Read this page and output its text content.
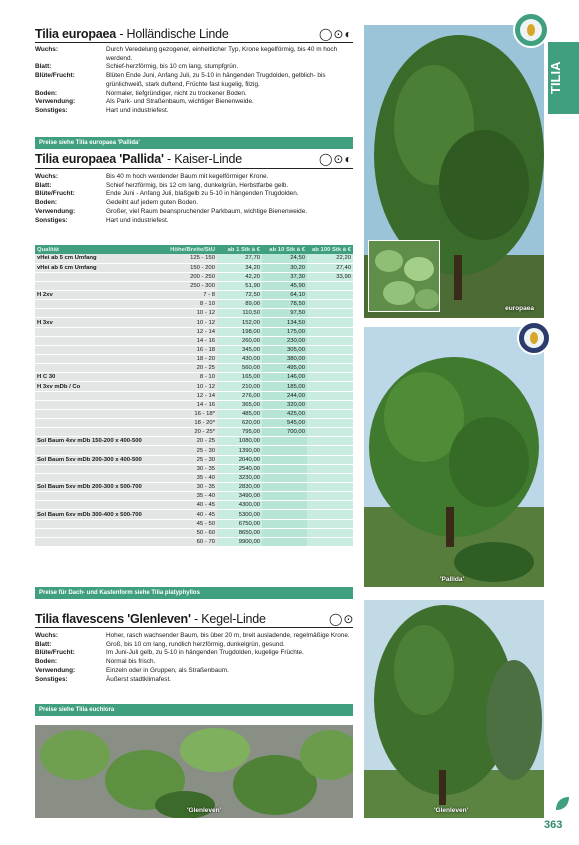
Tilia europaea - Holländische Linde	◯⊙◐
Wuchs:	Durch Veredelung gezogener, einheitlicher Typ, Krone kegelförmig, bis 40 m hoch werdend.
Blatt:	Schief-herzförmig, bis 10 cm lang, stumpfgrün.
Blüte/Frucht:	Blüten Ende Juni, Anfang Juli, zu 5-10 in hängenden Trugdolden, gelblich- bis grünlichweiß, stark duftend, Früchte fast kugelig, filzig.
Boden:	Normaler, tiefgründiger, nicht zu trockener Boden.
Verwendung:	Als Park- und Straßenbaum, wichtiger Bienenweide.
Sonstiges:	Hart und industriefest.
Preise siehe Tilia europaea 'Pallida'
Tilia europaea 'Pallida' - Kaiser-Linde	◯⊙◐
Wuchs:	Bis 40 m hoch werdender Baum mit kegelförmiger Krone.
Blatt:	Schief herzförmig, bis 12 cm lang, dunkelgrün, Herbstfarbe gelb.
Blüte/Frucht:	Ende Juni - Anfang Juli, blaßgelb zu 5-10 in hängenden Trugdolden.
Boden:	Gedeiht auf jedem guten Boden.
Verwendung:	Großer, viel Raum beanspruchender Parkbaum, wichtige Bienenweide.
Sonstiges:	Hart und industriefest.
Qualität	Höhe/Breite/StU	ab 1 Stk à €	ab 10 Stk à €	ab 100 Stk à €
vHei ab 5 cm Umfang	125 - 150	27,70	24,50	22,20
vHei ab 6 cm Umfang	150 - 200	34,20	30,20	27,40
	200 - 250	42,20	37,30	33,90
	250 - 300	51,90	45,90	
H 2xv	7 - 8	72,50	64,10	
	8 - 10	89,00	78,50	
	10 - 12	110,50	97,50	
H 3xv	10 - 12	152,00	134,50	
	12 - 14	198,00	175,00	
	14 - 16	260,00	230,00	
	16 - 18	345,00	305,00	
	18 - 20	430,00	380,00	
	20 - 25	560,00	495,00	
H C 30	8 - 10	165,00	146,00	
H 3xv mDb / Co	10 - 12	210,00	185,00	
	12 - 14	276,00	244,00	
	14 - 16	365,00	320,00	
	16 - 18*	485,00	425,00	
	18 - 20*	620,00	545,00	
	20 - 25*	795,00	700,00	
Sol Baum 4xv mDb 150-200 x 400-500	20 - 25	1080,00		
	25 - 30	1390,00		
Sol Baum 5xv mDb 200-300 x 400-500	25 - 30	2040,00		
	30 - 35	2540,00		
	35 - 40	3230,00		
Sol Baum 5xv mDb 200-300 x 500-700	30 - 35	2830,00		
	35 - 40	3490,00		
	40 - 45	4300,00		
Sol Baum 6xv mDb 300-400 x 500-700	40 - 45	5300,00		
	45 - 50	6750,00		
	50 - 60	8650,00		
	60 - 70	9900,00		
Preise für Dach- und Kastenform siehe Tilia platyphyllos
Tilia flavescens 'Glenleven' - Kegel-Linde	◯⊙
Wuchs:	Hoher, rasch wachsender Baum, bis über 20 m, breit ausladende, regelmäßige Krone.
Blatt:	Groß, bis 10 cm lang, rundlich herzförmig, dunkelgrün, gesund.
Blüte/Frucht:	Im Juni-Juli gelb, zu 5-10 in hängenden Trugdolden, kugelige Früchte.
Boden:	Normal bis frisch.
Verwendung:	Einzeln oder in Gruppen, als Straßenbaum.
Sonstiges:	Äußerst stadtklimafest.
Preise siehe Tilia euchlora
europaea
'Pallida'
'Glenleven'	'Glenleven'
TILIA
363
